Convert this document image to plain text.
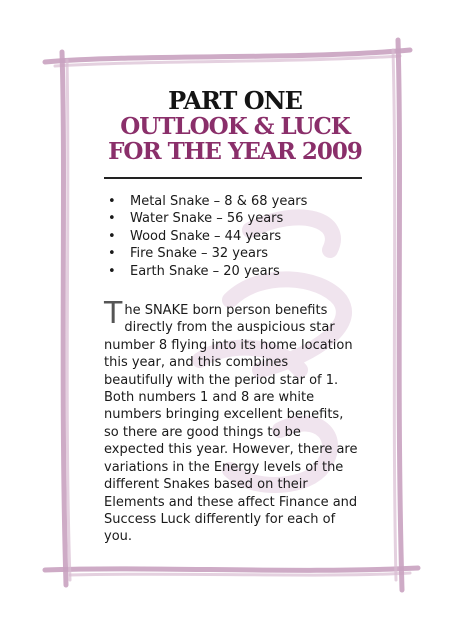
PART ONE
OUTLOOK & LUCK
FOR THE YEAR 2009
• Metal Snake – 8 & 68 years
• Water Snake – 56 years
• Wood Snake – 44 years
• Fire Snake – 32 years
• Earth Snake – 20 years
The SNAKE born person benefits directly from the auspicious star number 8 flying into its home location this year, and this combines beautifully with the period star of 1. Both numbers 1 and 8 are white numbers bringing excellent benefits, so there are good things to be expected this year. However, there are variations in the Energy levels of the different Snakes based on their Elements and these affect Finance and Success Luck differently for each of you.
